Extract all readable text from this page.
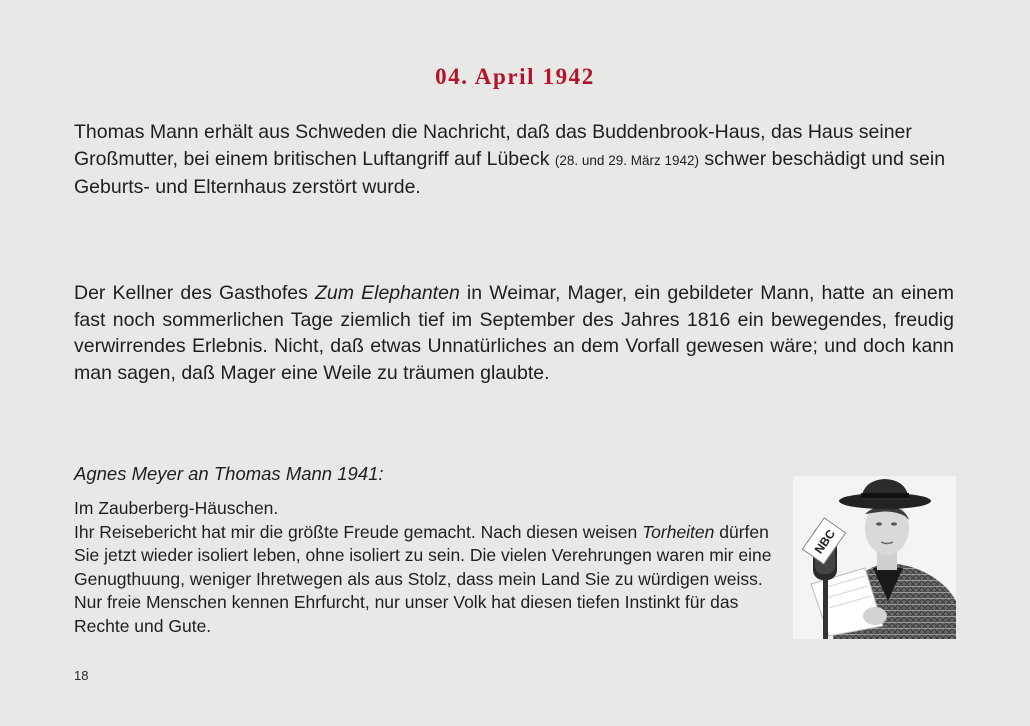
04. April 1942

Thomas Mann erhält aus Schweden die Nachricht, daß das Buddenbrook-Haus, das Haus seiner Großmutter, bei einem britischen Luftangriff auf Lübeck (28. und 29. März 1942) schwer beschädigt und sein Geburts- und Elternhaus zerstört wurde.

Der Kellner des Gasthofes Zum Elephanten in Weimar, Mager, ein gebildeter Mann, hatte an einem fast noch sommerlichen Tage ziemlich tief im September des Jahres 1816 ein bewegendes, freudig verwirrendes Erlebnis. Nicht, daß etwas Unnatürliches an dem Vorfall gewesen wäre; und doch kann man sagen, daß Mager eine Weile zu träumen glaubte.

Agnes Meyer an Thomas Mann 1941:

Im Zauberberg-Häuschen.
Ihr Reisebericht hat mir die größte Freude gemacht. Nach diesen weisen Torheiten dürfen Sie jetzt wieder isoliert leben, ohne isoliert zu sein. Die vielen Verehrungen waren mir eine Genugthuung, weniger Ihretwegen als aus Stolz, dass mein Land Sie zu würdigen weiss. Nur freie Menschen kennen Ehrfurcht, nur unser Volk hat diesen tiefen Instinkt für das Rechte und Gute.

NBC
18
